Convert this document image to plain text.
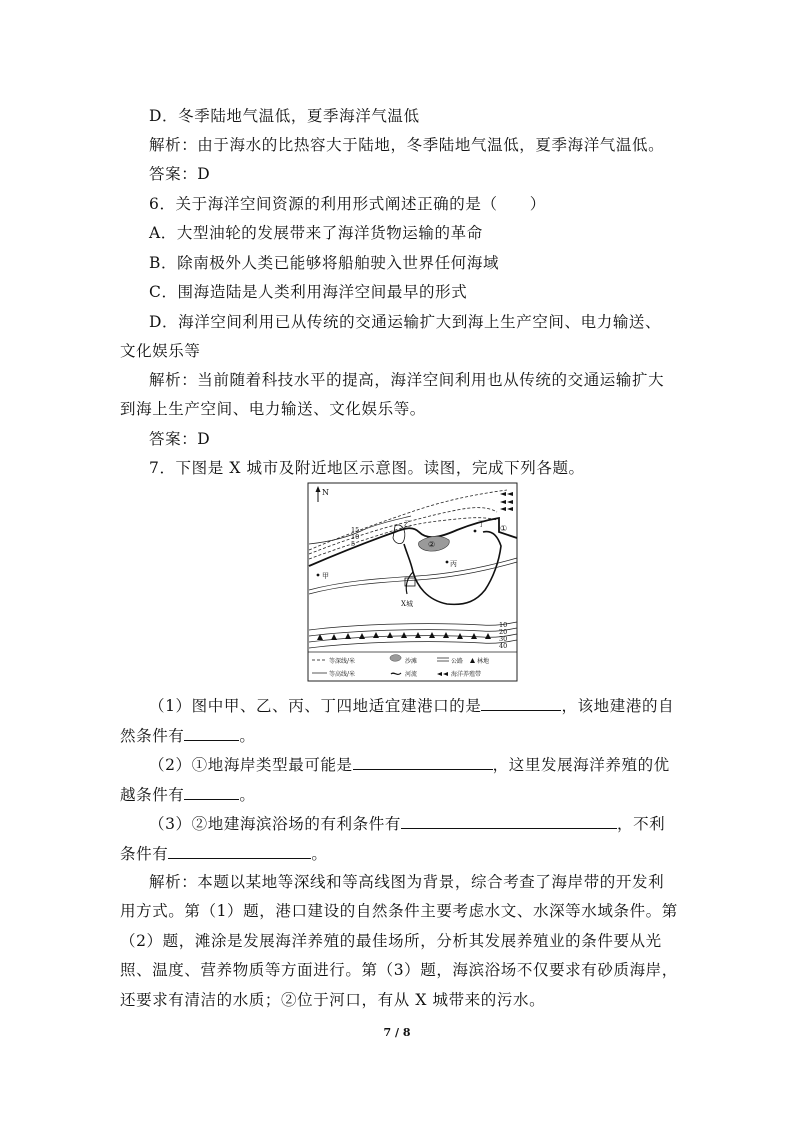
D．冬季陆地气温低，夏季海洋气温低
解析：由于海水的比热容大于陆地，冬季陆地气温低，夏季海洋气温低。
答案：D
6．关于海洋空间资源的利用形式阐述正确的是（　　）
A．大型油轮的发展带来了海洋货物运输的革命
B．除南极外人类已能够将船舶驶入世界任何海域
C．围海造陆是人类利用海洋空间最早的形式
D．海洋空间利用已从传统的交通运输扩大到海上生产空间、电力输送、
文化娱乐等
解析：当前随着科技水平的提高，海洋空间利用也从传统的交通运输扩大
到海上生产空间、电力输送、文化娱乐等。
答案：D
7．下图是 X 城市及附近地区示意图。读图，完成下列各题。
N
15
10
5	②
乙	①
丁
甲
丙
X城
10
20
30
40
等深线/米	沙滩	公路 林地
等高线/米	河流	海洋养殖带
（1）图中甲、乙、丙、丁四地适宜建港口的是	，该地建港的自
然条件有	。
（2）①地海岸类型最可能是	，这里发展海洋养殖的优
越条件有	。
（3）②地建海滨浴场的有利条件有	，不利
条件有	。
解析：本题以某地等深线和等高线图为背景，综合考查了海岸带的开发利
用方式。第（1）题，港口建设的自然条件主要考虑水文、水深等水域条件。第
（2）题，滩涂是发展海洋养殖的最佳场所，分析其发展养殖业的条件要从光
照、温度、营养物质等方面进行。第（3）题，海滨浴场不仅要求有砂质海岸，
还要求有清洁的水质；②位于河口，有从 X 城带来的污水。
7 / 8
